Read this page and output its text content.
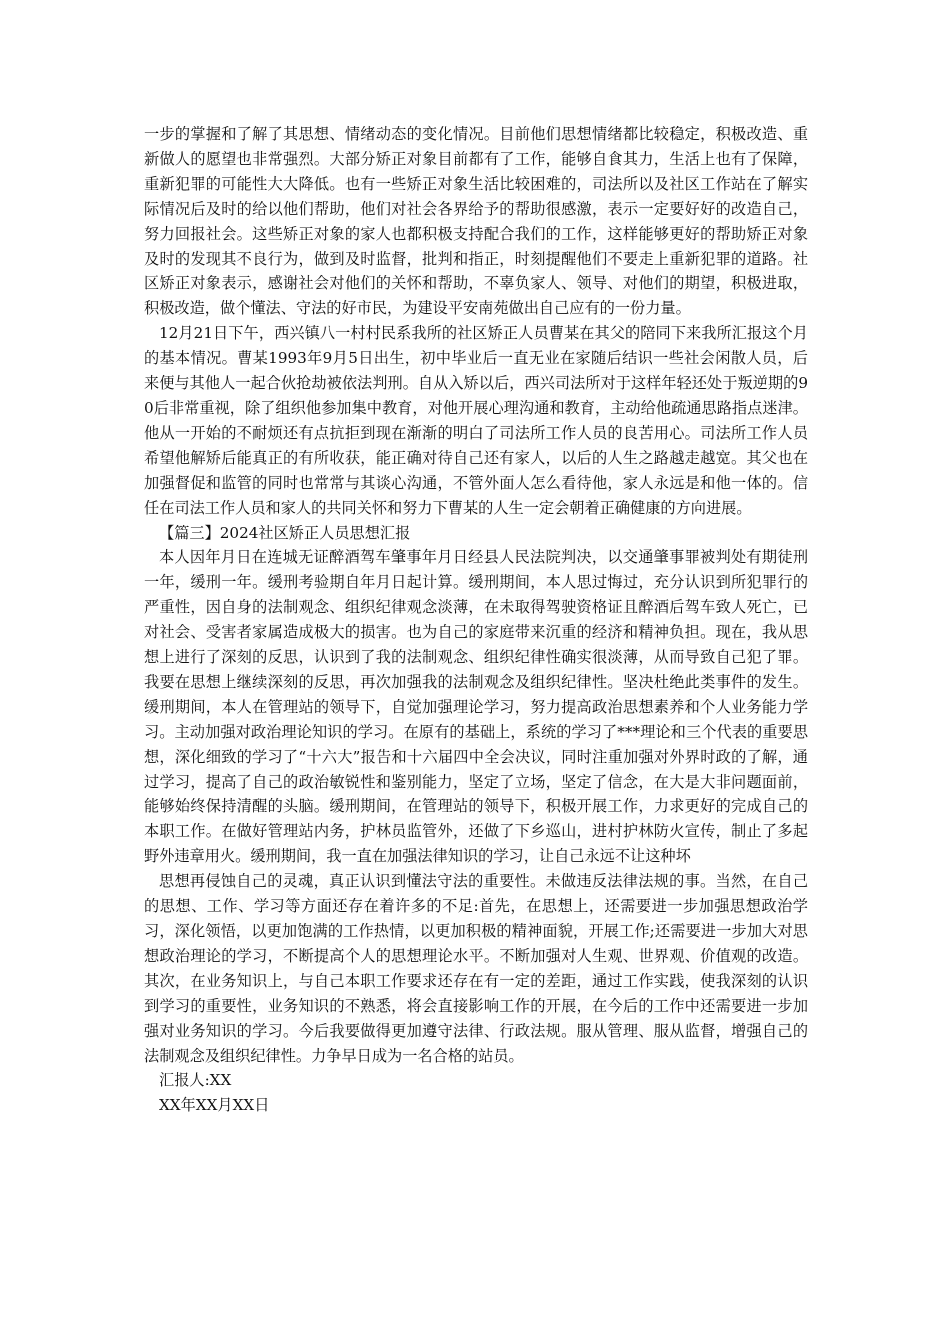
一步的掌握和了解了其思想、情绪动态的变化情况。目前他们思想情绪都比较稳定，积极改造、重新做人的愿望也非常强烈。大部分矫正对象目前都有了工作，能够自食其力，生活上也有了保障，重新犯罪的可能性大大降低。也有一些矫正对象生活比较困难的，司法所以及社区工作站在了解实际情况后及时的给以他们帮助，他们对社会各界给予的帮助很感激，表示一定要好好的改造自己，努力回报社会。这些矫正对象的家人也都积极支持配合我们的工作，这样能够更好的帮助矫正对象及时的发现其不良行为，做到及时监督，批判和指正，时刻提醒他们不要走上重新犯罪的道路。社区矫正对象表示，感谢社会对他们的关怀和帮助，不辜负家人、领导、对他们的期望，积极进取，积极改造，做个懂法、守法的好市民，为建设平安南苑做出自己应有的一份力量。

12月21日下午，西兴镇八一村村民系我所的社区矫正人员曹某在其父的陪同下来我所汇报这个月的基本情况。曹某1993年9月5日出生，初中毕业后一直无业在家随后结识一些社会闲散人员，后来便与其他人一起合伙抢劫被依法判刑。自从入矫以后，西兴司法所对于这样年轻还处于叛逆期的90后非常重视，除了组织他参加集中教育，对他开展心理沟通和教育，主动给他疏通思路指点迷津。他从一开始的不耐烦还有点抗拒到现在渐渐的明白了司法所工作人员的良苦用心。司法所工作人员希望他解矫后能真正的有所收获，能正确对待自己还有家人，以后的人生之路越走越宽。其父也在加强督促和监管的同时也常常与其谈心沟通，不管外面人怎么看待他，家人永远是和他一体的。信任在司法工作人员和家人的共同关怀和努力下曹某的人生一定会朝着正确健康的方向进展。

【篇三】2024社区矫正人员思想汇报

本人因年月日在连城无证醉酒驾车肇事年月日经县人民法院判决，以交通肇事罪被判处有期徒刑一年，缓刑一年。缓刑考验期自年月日起计算。缓刑期间，本人思过悔过，充分认识到所犯罪行的严重性，因自身的法制观念、组织纪律观念淡薄，在未取得驾驶资格证且醉酒后驾车致人死亡，已对社会、受害者家属造成极大的损害。也为自己的家庭带来沉重的经济和精神负担。现在，我从思想上进行了深刻的反思，认识到了我的法制观念、组织纪律性确实很淡薄，从而导致自己犯了罪。我要在思想上继续深刻的反思，再次加强我的法制观念及组织纪律性。坚决杜绝此类事件的发生。缓刑期间，本人在管理站的领导下，自觉加强理论学习，努力提高政治思想素养和个人业务能力学习。主动加强对政治理论知识的学习。在原有的基础上，系统的学习了***理论和三个代表的重要思想，深化细致的学习了“十六大”报告和十六届四中全会决议，同时注重加强对外界时政的了解，通过学习，提高了自己的政治敏锐性和鉴别能力，坚定了立场，坚定了信念，在大是大非问题面前，能够始终保持清醒的头脑。缓刑期间，在管理站的领导下，积极开展工作，力求更好的完成自己的本职工作。在做好管理站内务，护林员监管外，还做了下乡巡山，进村护林防火宣传，制止了多起野外违章用火。缓刑期间，我一直在加强法律知识的学习，让自己永远不让这种坏

思想再侵蚀自己的灵魂，真正认识到懂法守法的重要性。未做违反法律法规的事。当然，在自己的思想、工作、学习等方面还存在着许多的不足:首先，在思想上，还需要进一步加强思想政治学习，深化领悟，以更加饱满的工作热情，以更加积极的精神面貌，开展工作;还需要进一步加大对思想政治理论的学习，不断提高个人的思想理论水平。不断加强对人生观、世界观、价值观的改造。其次，在业务知识上，与自己本职工作要求还存在有一定的差距，通过工作实践，使我深刻的认识到学习的重要性，业务知识的不熟悉，将会直接影响工作的开展，在今后的工作中还需要进一步加强对业务知识的学习。今后我要做得更加遵守法律、行政法规。服从管理、服从监督，增强自己的法制观念及组织纪律性。力争早日成为一名合格的站员。

汇报人:XX

XX年XX月XX日
